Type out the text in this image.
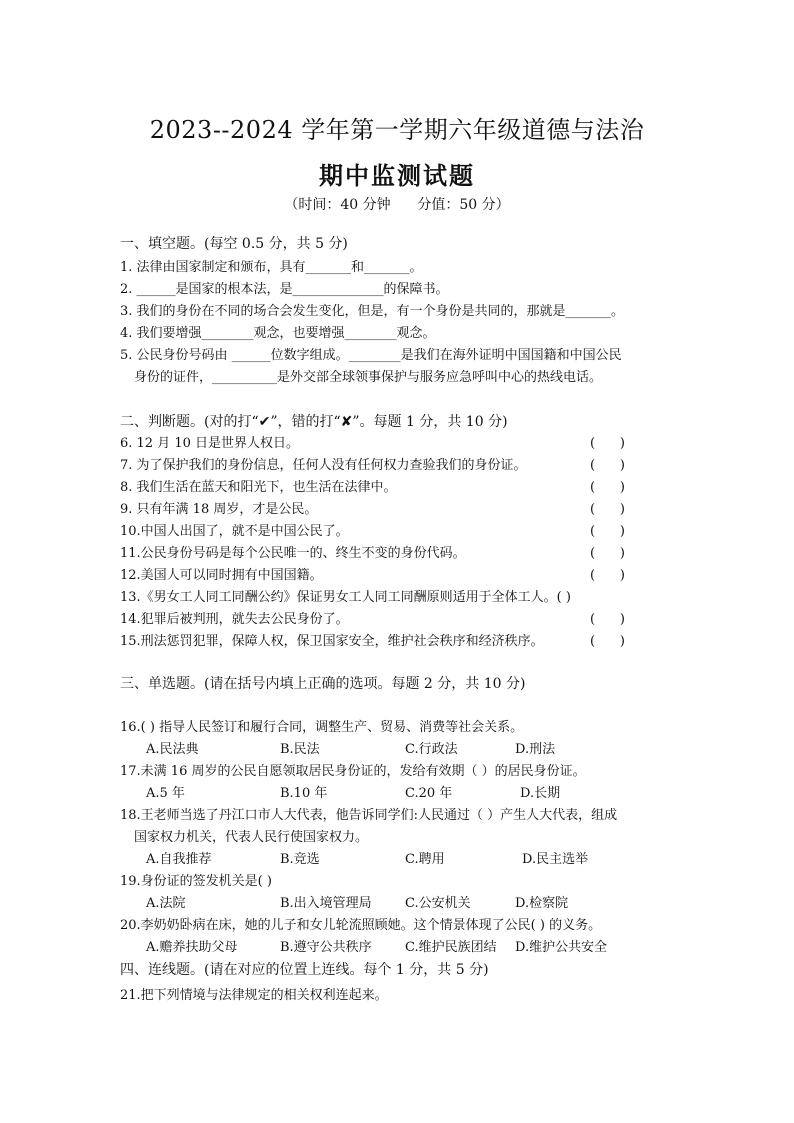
2023--2024 学年第一学期六年级道德与法治
期中监测试题
（时间：40 分钟      分值：50 分）
一、填空题。(每空 0.5 分，共 5 分)
1. 法律由国家制定和颁布，具有_______和_______。
2. ______是国家的根本法，是______________的保障书。
3. 我们的身份在不同的场合会发生变化，但是，有一个身份是共同的，那就是_______。
4. 我们要增强________观念，也要增强________观念。
5. 公民身份号码由 ______位数字组成。________是我们在海外证明中国国籍和中国公民
身份的证件，__________是外交部全球领事保护与服务应急呼叫中心的热线电话。
二、判断题。(对的打“✔”，错的打“✘”。每题 1 分，共 10 分)
6. 12 月 10 日是世界人权日。	(      )
7. 为了保护我们的身份信息，任何人没有任何权力查验我们的身份证。	(      )
8. 我们生活在蓝天和阳光下，也生活在法律中。	(      )
9. 只有年满 18 周岁，才是公民。	(      )
10.中国人出国了，就不是中国公民了。	(      )
11.公民身份号码是每个公民唯一的、终生不变的身份代码。	(      )
12.美国人可以同时拥有中国国籍。	(      )
13.《男女工人同工同酬公约》保证男女工人同工同酬原则适用于全体工人。( )
14.犯罪后被判刑，就失去公民身份了。	(      )
15.刑法惩罚犯罪，保障人权，保卫国家安全，维护社会秩序和经济秩序。	(      )
三、单选题。(请在括号内填上正确的选项。每题 2 分，共 10 分)
16.( ) 指导人民签订和履行合同，调整生产、贸易、消费等社会关系。
A.民法典	B.民法	C.行政法	D.刑法
17.未满 16 周岁的公民自愿领取居民身份证的，发给有效期（ ）的居民身份证。
A.5 年	B.10 年	C.20 年	D.长期
18.王老师当选了丹江口市人大代表，他告诉同学们:人民通过（ ）产生人大代表，组成
国家权力机关，代表人民行使国家权力。
A.自我推荐	B.竞选	C.聘用	D.民主选举
19.身份证的签发机关是( )
A.法院	B.出入境管理局	C.公安机关	D.检察院
20.李奶奶卧病在床，她的儿子和女儿轮流照顾她。这个情景体现了公民( ) 的义务。
A.赡养扶助父母	B.遵守公共秩序	C.维护民族团结 D.维护公共安全
四、连线题。(请在对应的位置上连线。每个 1 分，共 5 分)
21.把下列情境与法律规定的相关权利连起来。
